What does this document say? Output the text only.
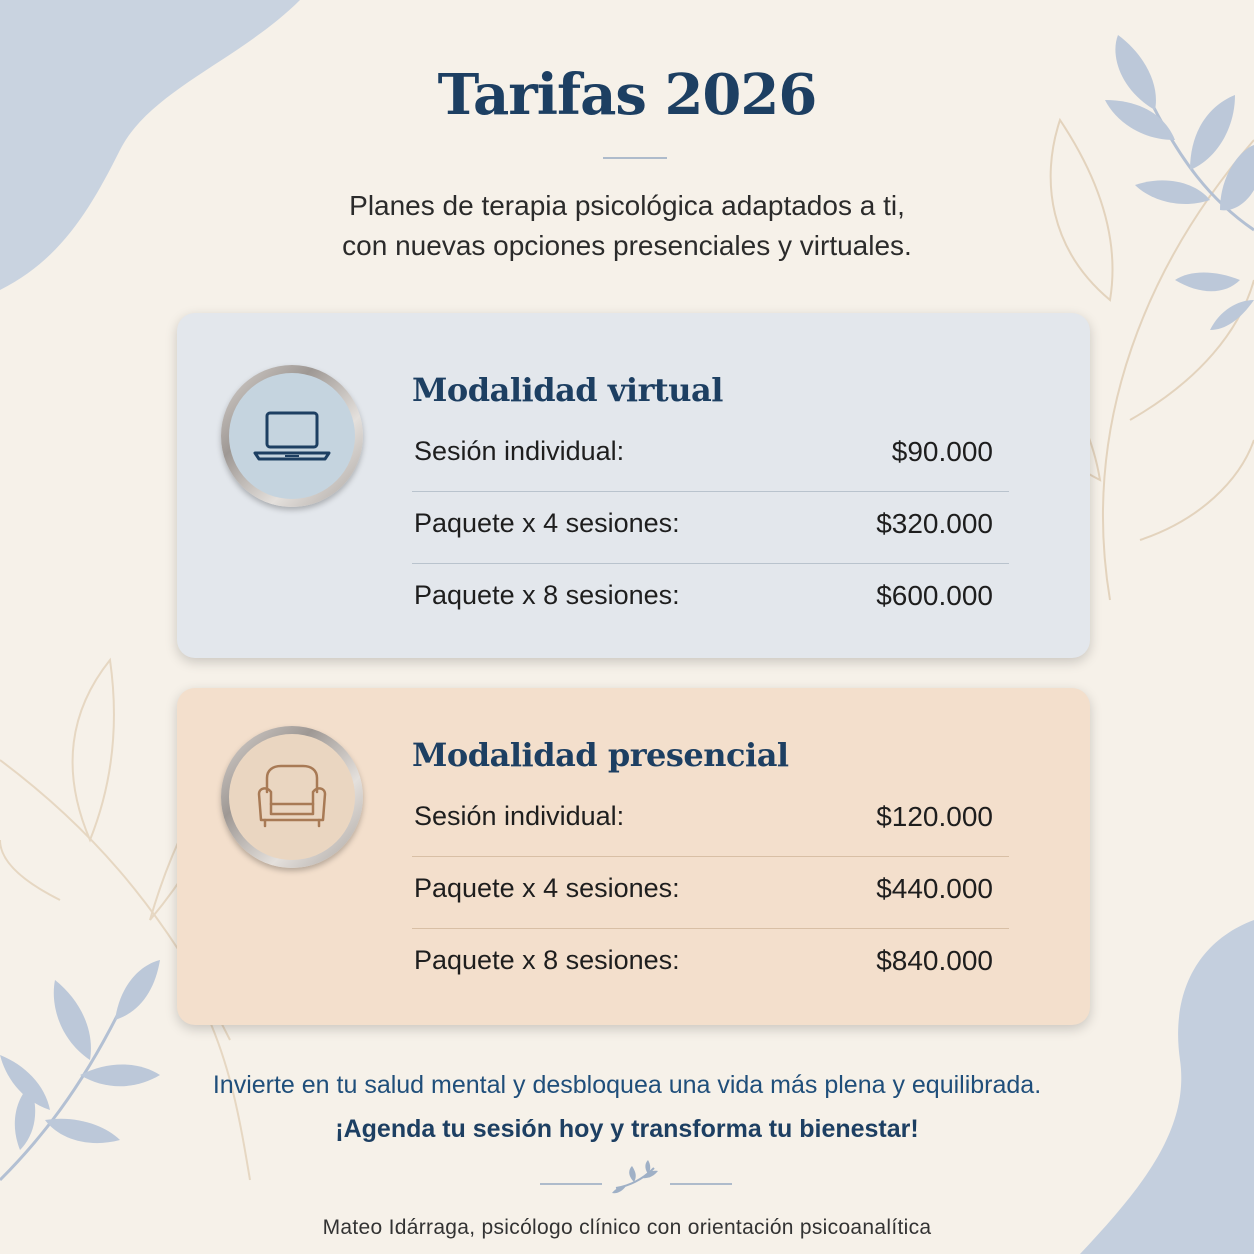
Tarifas 2026
Planes de terapia psicológica adaptados a ti,
con nuevas opciones presenciales y virtuales.
Modalidad virtual
Sesión individual:	$90.000
Paquete x 4 sesiones:	$320.000
Paquete x 8 sesiones:	$600.000
Modalidad presencial
Sesión individual:	$120.000
Paquete x 4 sesiones:	$440.000
Paquete x 8 sesiones:	$840.000
Invierte en tu salud mental y desbloquea una vida más plena y equilibrada.
¡Agenda tu sesión hoy y transforma tu bienestar!
Mateo Idárraga, psicólogo clínico con orientación psicoanalítica
